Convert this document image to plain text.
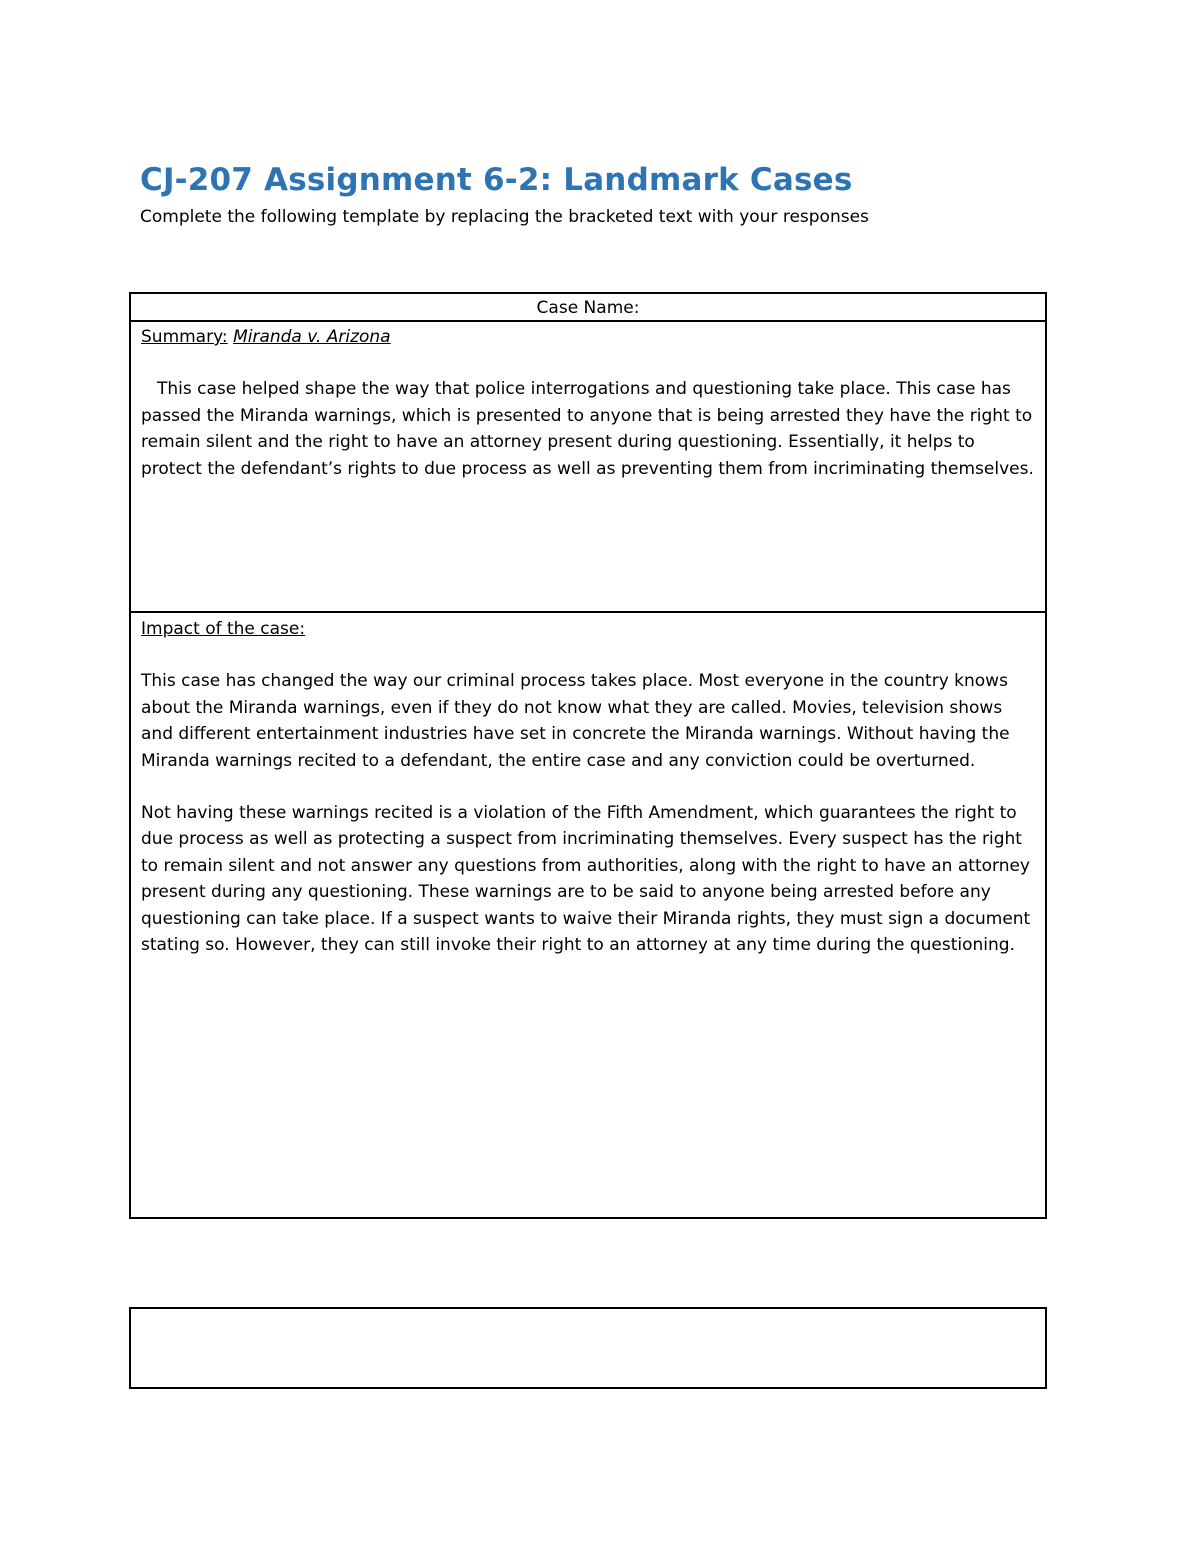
CJ-207 Assignment 6-2: Landmark Cases

Complete the following template by replacing the bracketed text with your responses

Case Name:

Summary: Miranda v. Arizona

This case helped shape the way that police interrogations and questioning take place. This case has passed the Miranda warnings, which is presented to anyone that is being arrested they have the right to remain silent and the right to have an attorney present during questioning. Essentially, it helps to protect the defendant’s rights to due process as well as preventing them from incriminating themselves.

Impact of the case:

This case has changed the way our criminal process takes place. Most everyone in the country knows about the Miranda warnings, even if they do not know what they are called. Movies, television shows and different entertainment industries have set in concrete the Miranda warnings. Without having the Miranda warnings recited to a defendant, the entire case and any conviction could be overturned.

Not having these warnings recited is a violation of the Fifth Amendment, which guarantees the right to due process as well as protecting a suspect from incriminating themselves. Every suspect has the right to remain silent and not answer any questions from authorities, along with the right to have an attorney present during any questioning. These warnings are to be said to anyone being arrested before any questioning can take place. If a suspect wants to waive their Miranda rights, they must sign a document stating so. However, they can still invoke their right to an attorney at any time during the questioning.
